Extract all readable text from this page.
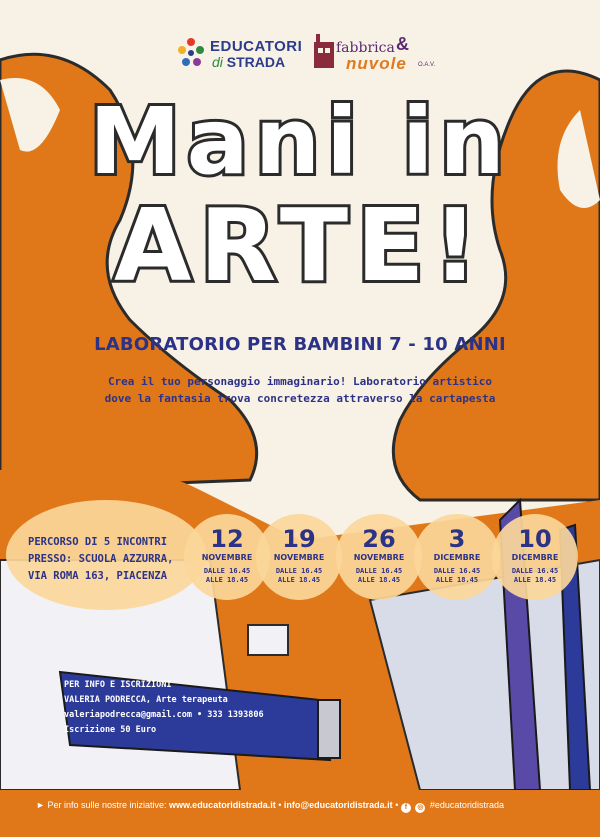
EDUCATORI
di STRADA
fabbrica &
nuvole O.A.V.
Mani in
ARTE!
LABORATORIO PER BAMBINI 7 - 10 ANNI
Crea il tuo personaggio immaginario! Laboratorio artistico
dove la fantasia trova concretezza attraverso la cartapesta
PERCORSO DI 5 INCONTRI
PRESSO: SCUOLA AZZURRA,
VIA ROMA 163, PIACENZA
12
NOVEMBRE
DALLE 16.45
ALLE 18.45
19
NOVEMBRE
DALLE 16.45
ALLE 18.45
26
NOVEMBRE
DALLE 16.45
ALLE 18.45
3
DICEMBRE
DALLE 16.45
ALLE 18.45
10
DICEMBRE
DALLE 16.45
ALLE 18.45
PER INFO E ISCRIZIONI
VALERIA PODRECCA, Arte terapeuta
valeriapodrecca@gmail.com • 333 1393806
Iscrizione 50 Euro
► Per info sulle nostre iniziative: www.educatoridistrada.it • info@educatoridistrada.it • f ◎ #educatoridistrada
